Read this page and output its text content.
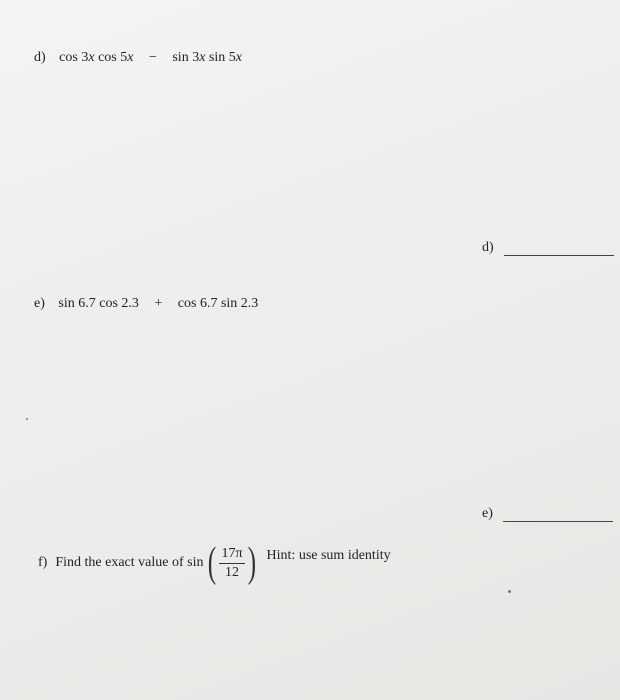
d) cos 3x cos 5x − sin 3x sin 5x
d)
e) sin 6.7 cos 2.3 + cos 6.7 sin 2.3
e)
f) Find the exact value of sin ( $\frac{17\pi}{12}$ ) Hint: use sum identity
